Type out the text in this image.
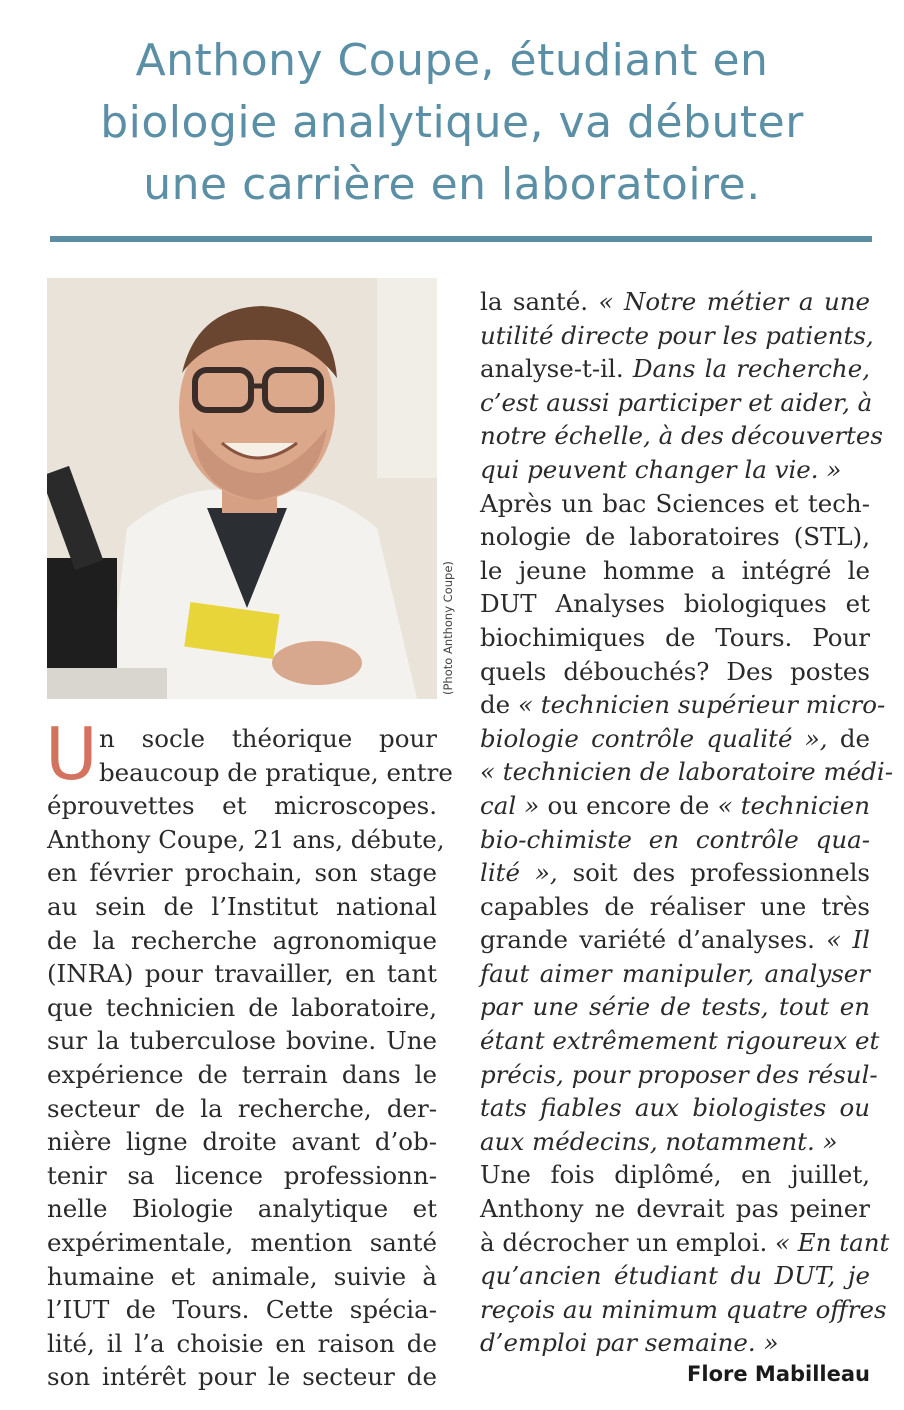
Anthony Coupe, étudiant en
biologie analytique, va débuter
une carrière en laboratoire.
(Photo Anthony Coupe)
U n socle théorique pour

beaucoup de pratique, entre

éprouvettes et microscopes.

Anthony Coupe, 21 ans, débute,

en février prochain, son stage

au sein de l’Institut national

de la recherche agronomique

(INRA) pour travailler, en tant

que technicien de laboratoire,

sur la tuberculose bovine. Une

expérience de terrain dans le

secteur de la recherche, der-

nière ligne droite avant d’ob-

tenir sa licence professionn-

nelle Biologie analytique et

expérimentale, mention santé

humaine et animale, suivie à

l’IUT de Tours. Cette spécia-

lité, il l’a choisie en raison de

son intérêt pour le secteur de

la santé. « Notre métier a une

utilité directe pour les patients,

analyse-t-il. Dans la recherche,

c’est aussi participer et aider, à

notre échelle, à des découvertes

qui peuvent changer la vie. »

Après un bac Sciences et tech-

nologie de laboratoires (STL),

le jeune homme a intégré le

DUT Analyses biologiques et

biochimiques de Tours. Pour

quels débouchés? Des postes

de « technicien supérieur micro-

biologie contrôle qualité », de

« technicien de laboratoire médi-

cal » ou encore de « technicien

bio-chimiste en contrôle qua-

lité », soit des professionnels

capables de réaliser une très

grande variété d’analyses. « Il

faut aimer manipuler, analyser

par une série de tests, tout en

étant extrêmement rigoureux et

précis, pour proposer des résul-

tats fiables aux biologistes ou

aux médecins, notamment. »

Une fois diplômé, en juillet,

Anthony ne devrait pas peiner

à décrocher un emploi. « En tant

qu’ancien étudiant du DUT, je

reçois au minimum quatre offres

d’emploi par semaine. »

Flore Mabilleau
